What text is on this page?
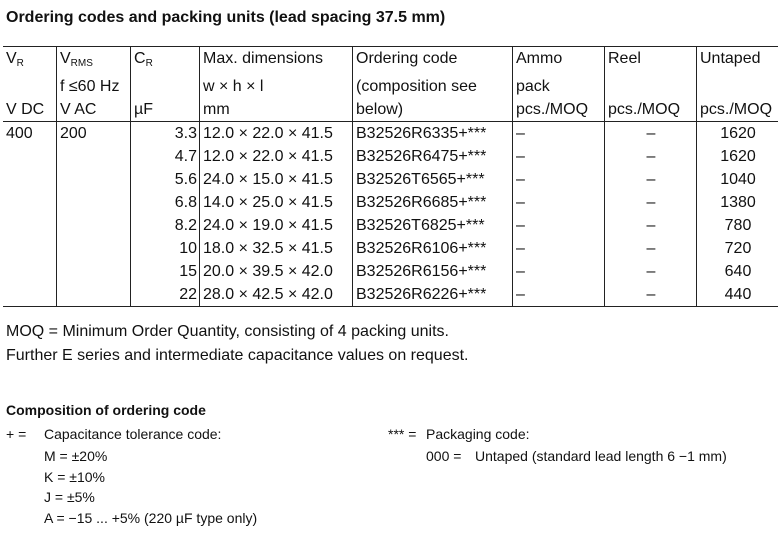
Ordering codes and packing units (lead spacing 37.5 mm)
$V_R$	$V_{RMS}$	$C_R$	Max. dimensions	Ordering code	Ammo	Reel	Untaped
	f ≤60 Hz		w × h × l	(composition see	pack		
V DC	V AC	µF	mm	below)	pcs./MOQ	pcs./MOQ	pcs./MOQ
400	200	3.3	12.0 × 22.0 × 41.5	B32526R6335+***	–	–	1620
		4.7	12.0 × 22.0 × 41.5	B32526R6475+***	–	–	1620
		5.6	24.0 × 15.0 × 41.5	B32526T6565+***	–	–	1040
		6.8	14.0 × 25.0 × 41.5	B32526R6685+***	–	–	1380
		8.2	24.0 × 19.0 × 41.5	B32526T6825+***	–	–	780
		10	18.0 × 32.5 × 41.5	B32526R6106+***	–	–	720
		15	20.0 × 39.5 × 42.0	B32526R6156+***	–	–	640
		22	28.0 × 42.5 × 42.0	B32526R6226+***	–	–	440
MOQ = Minimum Order Quantity, consisting of 4 packing units.
Further E series and intermediate capacitance values on request.
Composition of ordering code
+ = Capacitance tolerance code:
M = ±20%
K = ±10%
J = ±5%
A = −15 ... +5% (220 µF type only)
*** = Packaging code:
000 = Untaped (standard lead length 6 −1 mm)
